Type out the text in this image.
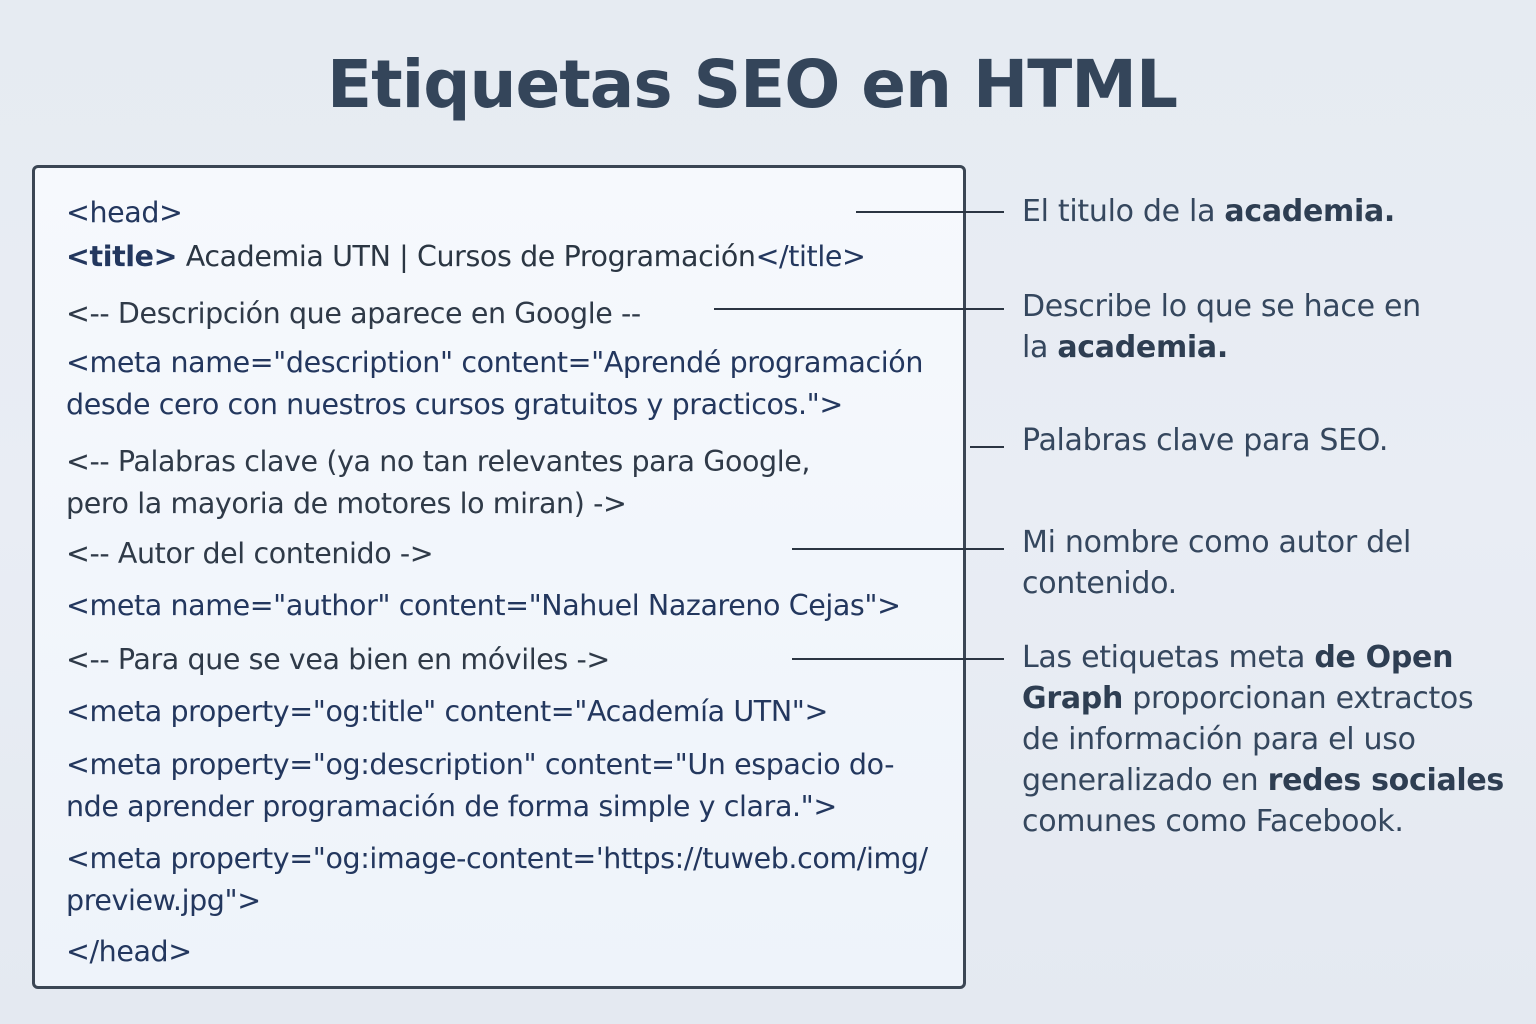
Etiquetas SEO en HTML
<head>
<title> Academia UTN | Cursos de Programación</title>
<-- Descripción que aparece en Google --
<meta name="description" content="Aprendé programación
desde cero con nuestros cursos gratuitos y practicos.">
<-- Palabras clave (ya no tan relevantes para Google,
pero la mayoria de motores lo miran) ->
<-- Autor del contenido ->
<meta name="author" content="Nahuel Nazareno Cejas">
<-- Para que se vea bien en móviles ->
<meta property="og:title" content="Academía UTN">
<meta property="og:description" content="Un espacio do-
nde aprender programación de forma simple y clara.">
<meta property="og:image-content='https://tuweb.com/img/
preview.jpg">
</head>
El titulo de la academia.
Describe lo que se hace en
la academia.
Palabras clave para SEO.
Mi nombre como autor del
contenido.
Las etiquetas meta de Open
Graph proporcionan extractos
de información para el uso
generalizado en redes sociales
comunes como Facebook.
